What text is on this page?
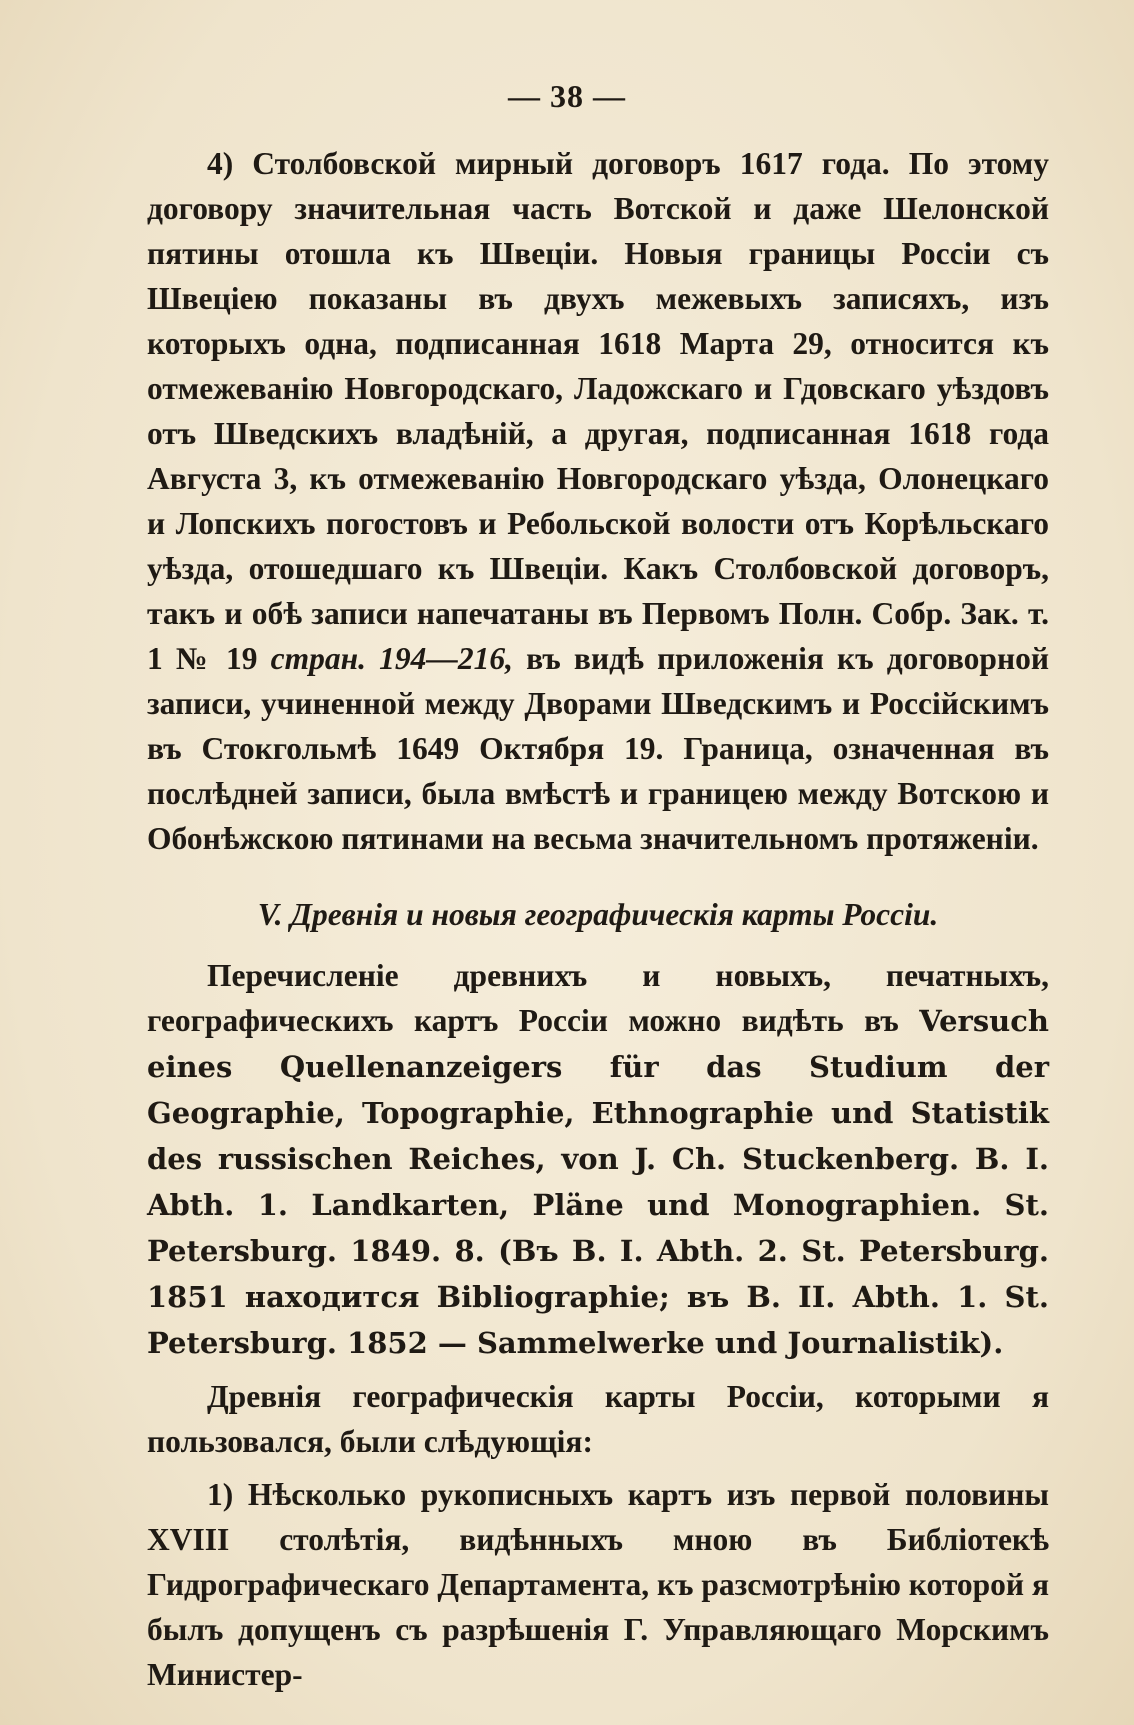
— 38 —

4) Столбовской мирный договоръ 1617 года. По этому договору значительная часть Вотской и даже Шелонской пятины отошла къ Швеціи. Новыя границы Россіи съ Швеціею показаны въ двухъ межевыхъ записяхъ, изъ которыхъ одна, подписанная 1618 Марта 29, относится къ отмежеванію Новгородскаго, Ладожскаго и Гдовскаго уѣздовъ отъ Шведскихъ владѣній, а другая, подписанная 1618 года Августа 3, къ отмежеванію Новгородскаго уѣзда, Олонецкаго и Лопскихъ погостовъ и Ребольской волости отъ Корѣльскаго уѣзда, отошедшаго къ Швеціи. Какъ Столбовской договоръ, такъ и обѣ записи напечатаны въ Первомъ Полн. Собр. Зак. т. 1 № 19 стран. 194—216, въ видѣ приложенія къ договорной записи, учиненной между Дворами Шведскимъ и Россійскимъ въ Стокгольмѣ 1649 Октября 19. Граница, означенная въ послѣдней записи, была вмѣстѣ и границею между Вотскою и Обонѣжскою пятинами на весьма значительномъ протяженіи.

V. Древнія и новыя географическія карты Россіи.

Перечисленіе древнихъ и новыхъ, печатныхъ, географическихъ картъ Россіи можно видѣть въ Versuch eines Quellenanzeigers für das Studium der Geographie, Topographie, Ethnographie und Statistik des russischen Reiches, von J. Ch. Stuckenberg. B. I. Abth. 1. Landkarten, Pläne und Monographien. St. Petersburg. 1849. 8. (Въ B. I. Abth. 2. St. Petersburg. 1851 находится Bibliographie; въ B. II. Abth. 1. St. Petersburg. 1852 — Sammelwerke und Journalistik).

Древнія географическія карты Россіи, которыми я пользовался, были слѣдующія:

1) Нѣсколько рукописныхъ картъ изъ первой половины XVIII столѣтія, видѣнныхъ мною въ Библіотекѣ Гидрографическаго Департамента, къ разсмотрѣнію которой я былъ допущенъ съ разрѣшенія Г. Управляющаго Морскимъ Министер-
